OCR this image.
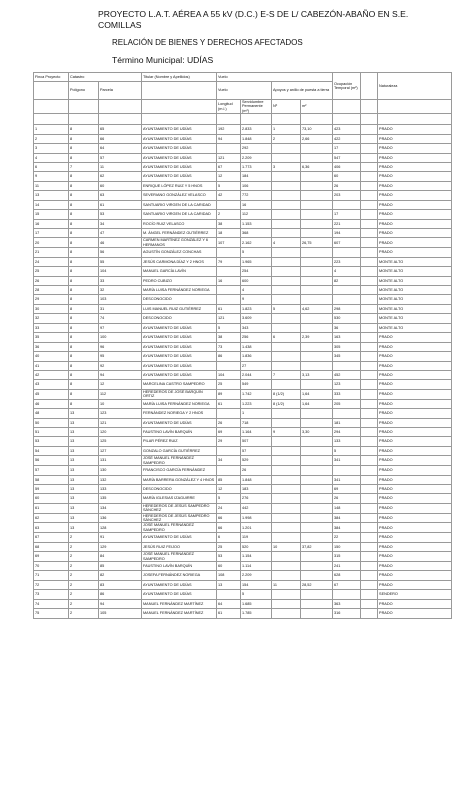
PROYECTO L.A.T. AÉREA A 55 kV (D.C.) E-S DE L/ CABEZÓN-ABAÑO EN S.E. COMILLAS
RELACIÓN DE BIENES Y DERECHOS AFECTADOS
Término Municipal: UDÍAS
Finca Proyecto	Catastro		Titular (Nombre y Apellidos)	Vuelo				Ocupación Temporal (m²)		Naturaleza
	Polígono	Parcela		Vuelo		Apoyos y anillo de puesta a tierra				

				Longitud (m.l.)	Servidumbre Permanente (m²)	Nº	m²			

1	8	65	AYUNTAMIENTO DE UDÍAS	192	2.833	1	73,10	423		PRADO
2	8	66	AYUNTAMIENTO DE UDÍAS	94	1.848	2	2,66	422		PRADO
3	8	64	AYUNTAMIENTO DE UDÍAS		292			17		PRADO
4	8	57	AYUNTAMIENTO DE UDÍAS	121	2.209			547		PRADO
6	7	11	AYUNTAMIENTO DE UDÍAS	67	1.773	3	6,36	406		PRADO
9	8	62	AYUNTAMIENTO DE UDÍAS	12	184			60		PRADO
11	8	60	ENRIQUE LÓPEZ RUIZ Y 5 HNOS	5	106			26		PRADO
13	8	63	SEVERIANO GONZÁLEZ VELASCO	42	772			203		PRADO
14	8	61	SANTUARIO VIRGEN DE LA CARIDAD		16					PRADO
15	8	53	SANTUARIO VIRGEN DE LA CARIDAD	2	112			17		PRADO
16	8	34	ROCÍO RUIZ VELASCO	38	1.153			221		PRADO
17	8	47	M. ÁNGEL FERNÁNDEZ GUTIÉRREZ	18	368			194		PRADO
20	8	46	CARMEN MARTÍNEZ GONZÁLEZ Y 6 HERMANOS	107	2.162	4	26,75	607		PRADO
21	8	56	AGUSTÍN GONZÁLEZ CONCHAS		5					PRADO
24	8	55	JESÚS CARMONA DÍAZ Y 2 HNOS	79	1.965			223		MONTE ALTO
25	8	104	MANUEL GARCÍA LAVÍN		254			4		MONTE ALTO
26	8	33	PEDRO CUBIZO	16	600			82		MONTE ALTO
28	8	32	MARÍA LUISA FERNÁNDEZ NORIEGA		4					MONTE ALTO
29	8	103	DESCONOCIDO		9					MONTE ALTO
30	8	31	LUIS MANUEL RUIZ GUTIÉRREZ	61	1.823	5	4,62	298		MONTE ALTO
32	8	74	DESCONOCIDO	121	3.609			530		MONTE ALTO
33	8	97	AYUNTAMIENTO DE UDÍAS	5	343			36		MONTE ALTO
35	8	100	AYUNTAMIENTO DE UDÍAS	38	256	6	2,39	163		PRADO
36	8	96	AYUNTAMIENTO DE UDÍAS	73	1.438			305		PRADO
40	8	95	AYUNTAMIENTO DE UDÍAS	86	1.836			345		PRADO
41	8	92	AYUNTAMIENTO DE UDÍAS		27					PRADO
42	8	94	AYUNTAMIENTO DE UDÍAS	104	2.044	7	3,13	452		PRADO
43	8	12	MARCELINA CASTRO SAMPEDRO	25	549			123		PRADO
45	8	112	HEREDEROS DE JOSÉ BARQUÍN ORTIZ	89	1.742	8 (1/2)	1,64	333		PRADO
46	8	10	MARÍA LUISA FERNÁNDEZ NORIEGA	61	1.223	8 (1/2)	1,64	205		PRADO
48	13	123	FERNÁNDEZ NORIEGA Y 2 HNOS		1					PRADO
50	13	121	AYUNTAMIENTO DE UDÍAS	26	718			181		PRADO
51	13	120	FAUSTINO LAVÍN BARQUÍN	69	1.164	9	3,30	294		PRADO
53	13	125	PILAR PÉREZ RUIZ	29	507			133		PRADO
54	13	127	GONZALO GARCÍA GUTIÉRREZ		57			5		PRADO
56	13	131	JOSÉ MANUEL FERNÁNDEZ SAMPEDRO	34	529			341		PRADO
57	13	130	FRANCISCO GARCÍA FERNÁNDEZ		26					PRADO
58	13	132	MARÍA BARRERA GONZÁLEZ Y 4 HNOS	85	1.848			341		PRADO
59	13	133	DESCONOCIDO	12	183			69		PRADO
60	13	135	MARÍA IGLESIAS IZAGUIRRE	5	276			26		PRADO
61	13	134	HEREDEROS DE JESÚS SAMPEDRO SÁNCHEZ	24	442			148		PRADO
62	13	136	HEREDEROS DE JESÚS SAMPEDRO SÁNCHEZ	66	1.998			384		PRADO
63	13	128	JOSÉ MANUEL FERNÁNDEZ SAMPEDRO	66	1.201			384		PRADO
67	2	91	AYUNTAMIENTO DE UDÍAS	6	119			22		PRADO
68	2	129	JESÚS RUIZ FEIJOO	25	520	10	37,82	150		PRADO
69	2	84	JOSÉ MANUEL FERNÁNDEZ SAMPEDRO	53	1.154			315		PRADO
70	2	85	FAUSTINO LAVÍN BARQUÍN	60	1.114			241		PRADO
71	2	82	JOSEFA FERNÁNDEZ NORIEGA	108	2.209			628		PRADO
72	2	83	AYUNTAMIENTO DE UDÍAS	13	154	11	28,52	67		PRADO
73	2	86	AYUNTAMIENTO DE UDÍAS		5					SENDERO
74	2	94	MANUEL FERNÁNDEZ MARTÍNEZ	64	1.685			363		PRADO
75	2	105	MANUEL FERNÁNDEZ MARTÍNEZ	61	1.785			316		PRADO
